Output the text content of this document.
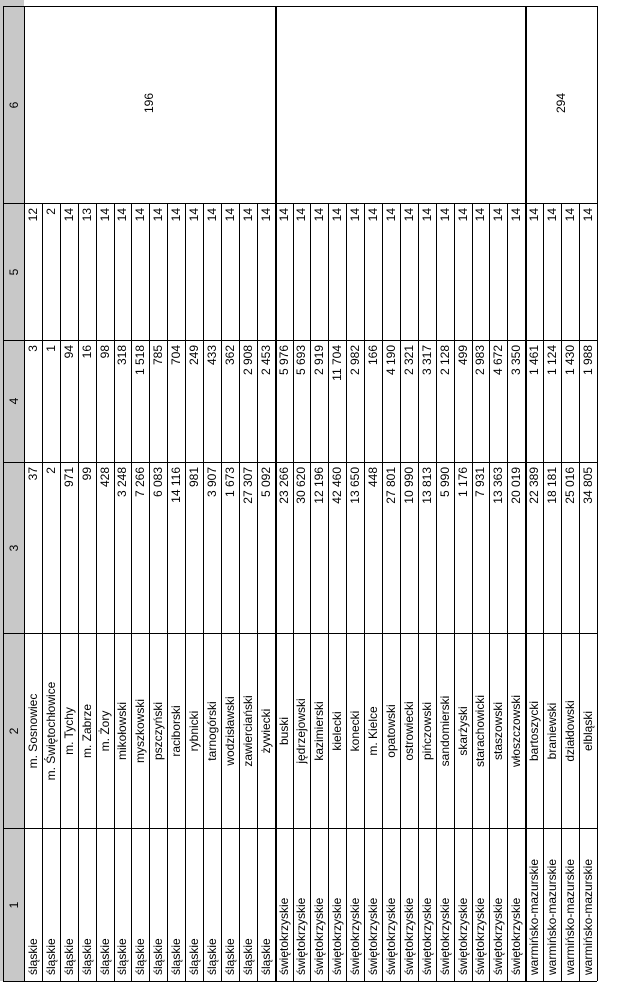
1
2
3
4
5
6
śląskie
m. Sosnowiec
37
3
12
śląskie
m. Świętochłowice
2
1
2
śląskie
m. Tychy
971
94
14
śląskie
m. Zabrze
99
16
13
śląskie
m. Żory
428
98
14
śląskie
mikołowski
3 248
318
14
śląskie
myszkowski
7 266
1 518
14
śląskie
pszczyński
6 083
785
14
śląskie
raciborski
14 116
704
14
śląskie
rybnicki
981
249
14
śląskie
tarnogórski
3 907
433
14
śląskie
wodzisławski
1 673
362
14
śląskie
zawierciański
27 307
2 908
14
śląskie
żywiecki
5 092
2 453
14
świętokrzyskie
buski
23 266
5 976
14
świętokrzyskie
jędrzejowski
30 620
5 693
14
świętokrzyskie
kazimierski
12 196
2 919
14
świętokrzyskie
kielecki
42 460
11 704
14
świętokrzyskie
konecki
13 650
2 982
14
świętokrzyskie
m. Kielce
448
166
14
świętokrzyskie
opatowski
27 801
4 190
14
świętokrzyskie
ostrowiecki
10 990
2 321
14
świętokrzyskie
pińczowski
13 813
3 317
14
świętokrzyskie
sandomierski
5 990
2 128
14
świętokrzyskie
skarżyski
1 176
499
14
świętokrzyskie
starachowicki
7 931
2 983
14
świętokrzyskie
staszowski
13 363
4 672
14
świętokrzyskie
włoszczowski
20 019
3 350
14
warmińsko-mazurskie
bartoszycki
22 389
1 461
14
warmińsko-mazurskie
braniewski
18 181
1 124
14
warmińsko-mazurskie
działdowski
25 016
1 430
14
warmińsko-mazurskie
elbląski
34 805
1 988
14
196	294
